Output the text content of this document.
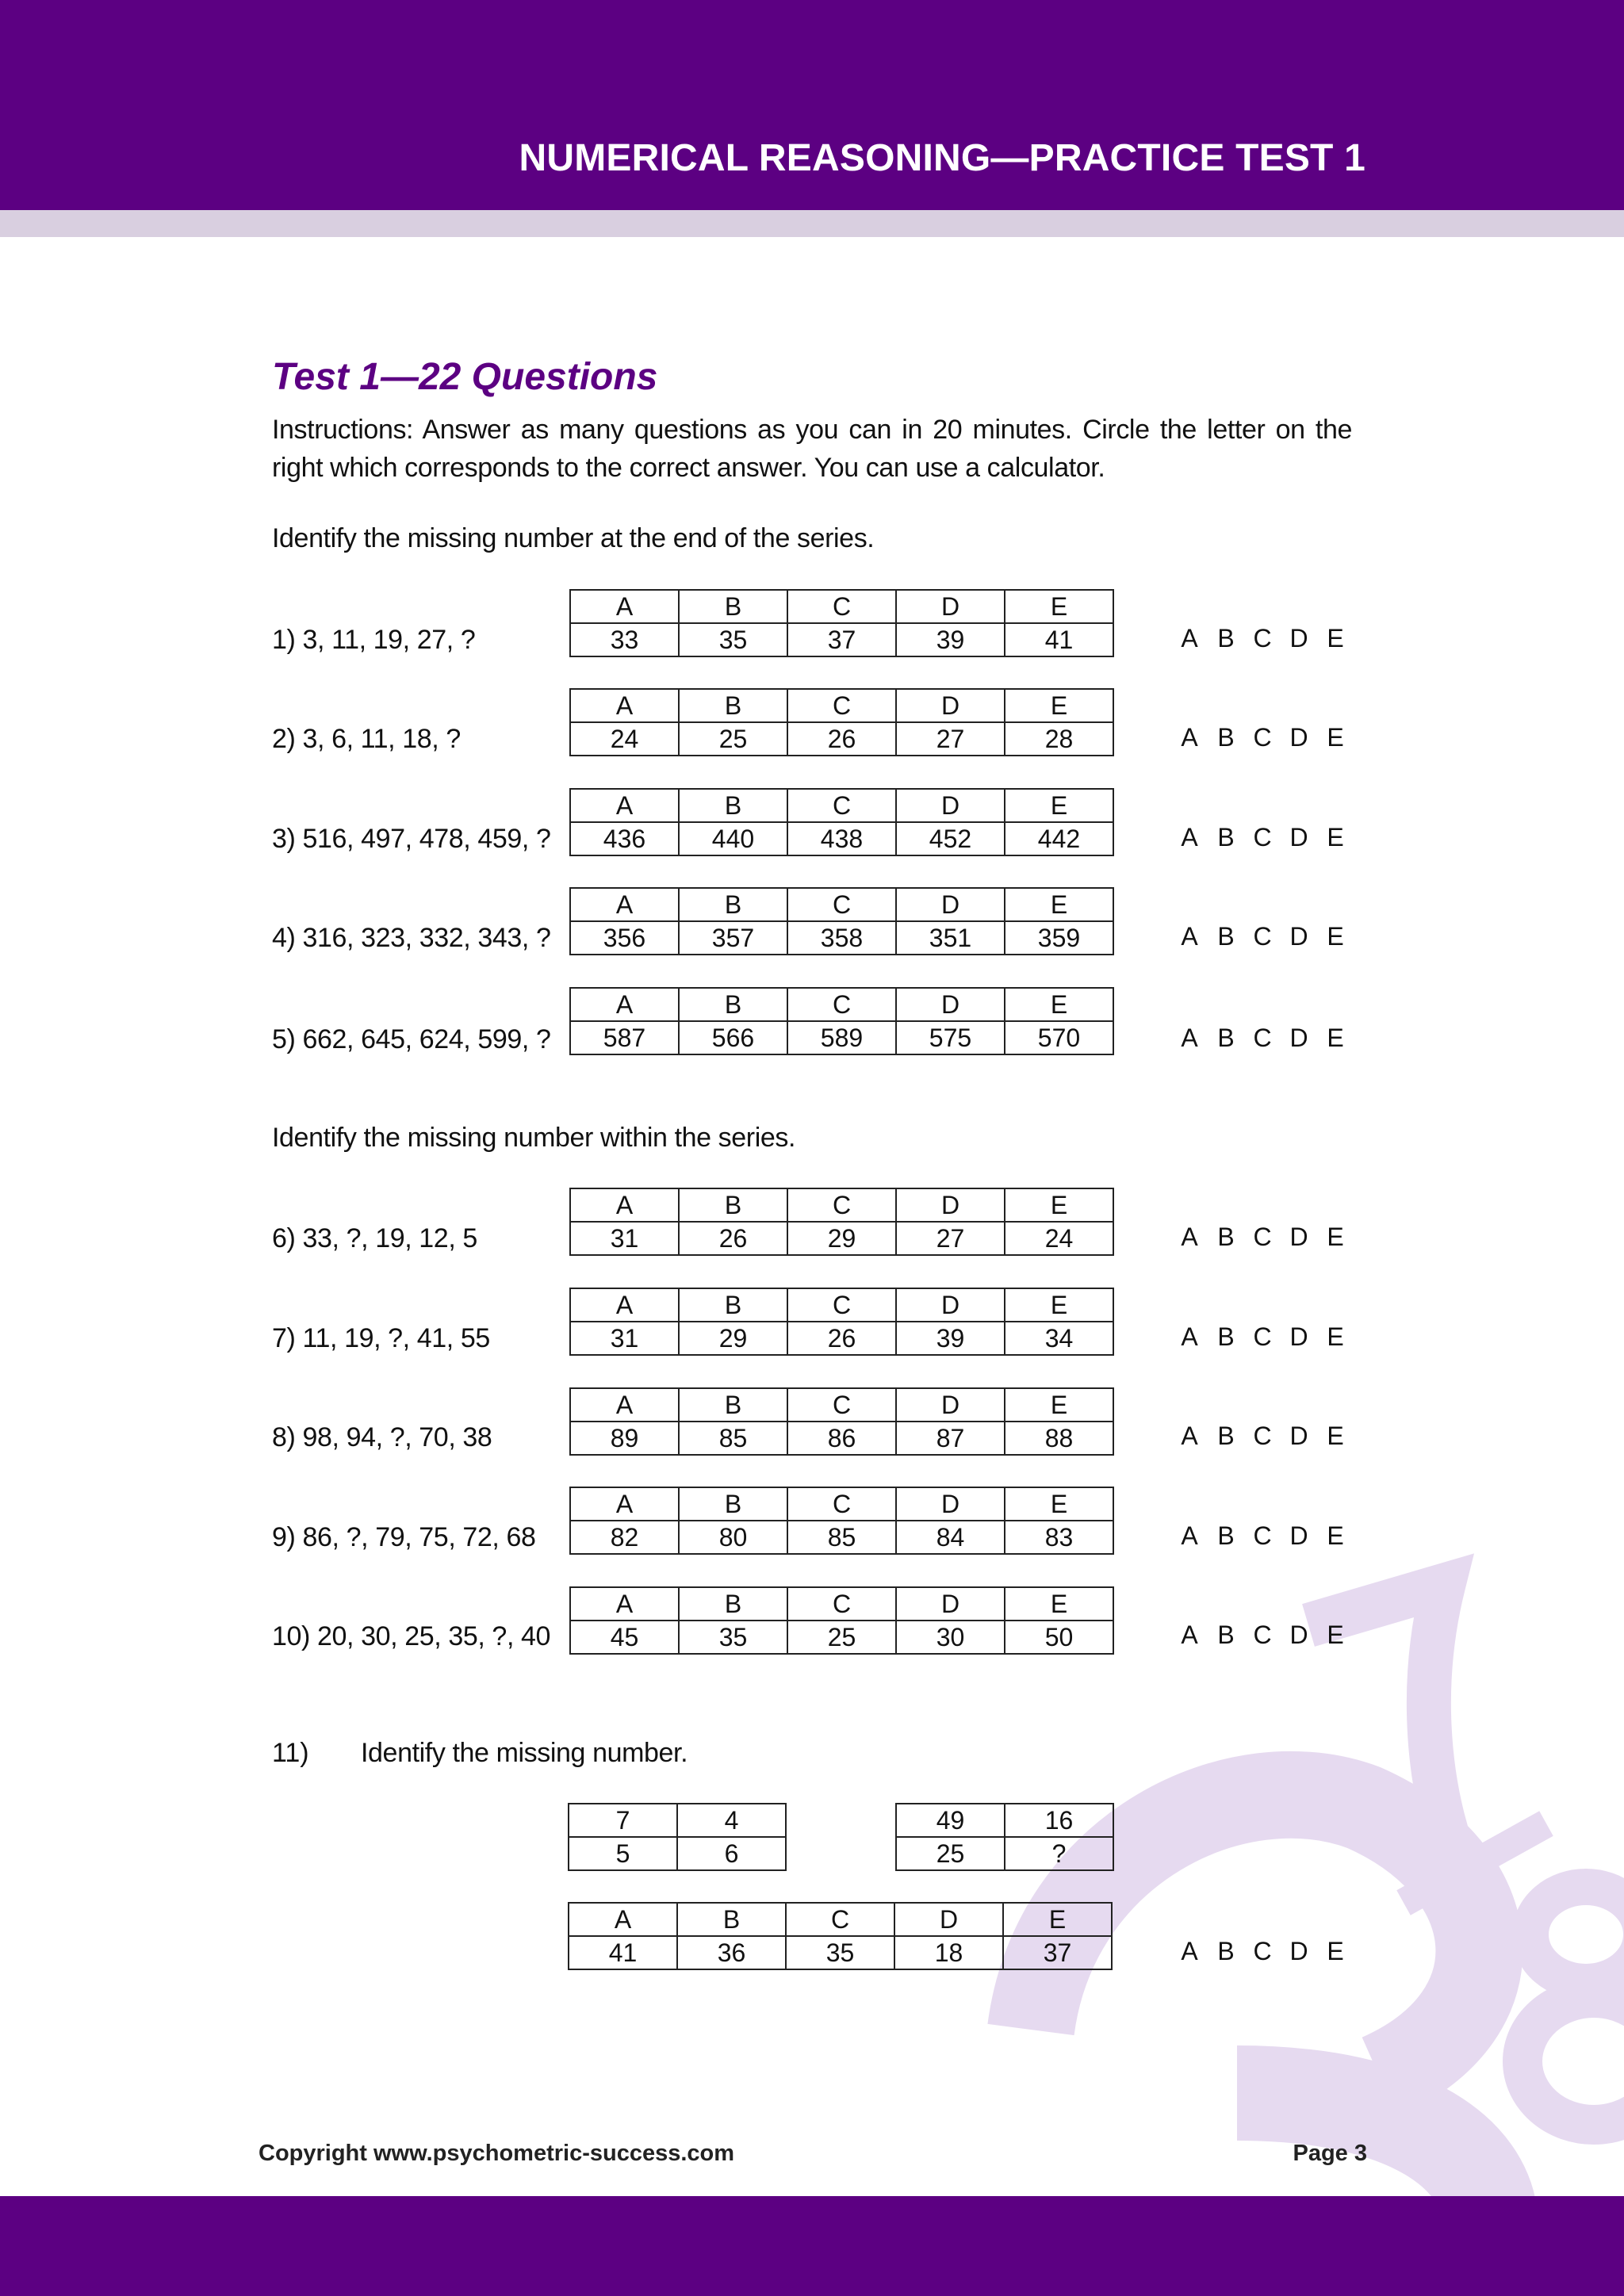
NUMERICAL REASONING—PRACTICE TEST 1
Test 1—22 Questions
Instructions: Answer as many questions as you can in 20 minutes. Circle the letter on the right which corresponds to the correct answer. You can use a calculator.
Identify the missing number at the end of the series.
1) 3, 11, 19, 27, ?
A	B	C	D	E
33	35	37	39	41	A B C D E
2) 3, 6, 11, 18, ?
A	B	C	D	E
24	25	26	27	28	A B C D E
3) 516, 497, 478, 459, ?
A	B	C	D	E
436	440	438	452	442	A B C D E
4) 316, 323, 332, 343, ?
A	B	C	D	E
356	357	358	351	359	A B C D E
5) 662, 645, 624, 599, ?
A	B	C	D	E
587	566	589	575	570	A B C D E
Identify the missing number within the series.
6) 33, ?, 19, 12, 5
A	B	C	D	E
31	26	29	27	24	A B C D E
7) 11, 19, ?, 41, 55
A	B	C	D	E
31	29	26	39	34	A B C D E
8) 98, 94, ?, 70, 38
A	B	C	D	E
89	85	86	87	88	A B C D E
9) 86, ?, 79, 75, 72, 68
A	B	C	D	E
82	80	85	84	83	A B C D E
10) 20, 30, 25, 35, ?, 40
A	B	C	D	E
45	35	25	30	50	A B C D E
11) Identify the missing number.
7	4
5	6
49	16
25	?
A	B	C	D	E
41	36	35	18	37	A B C D E
Copyright www.psychometric-success.com	Page 3
